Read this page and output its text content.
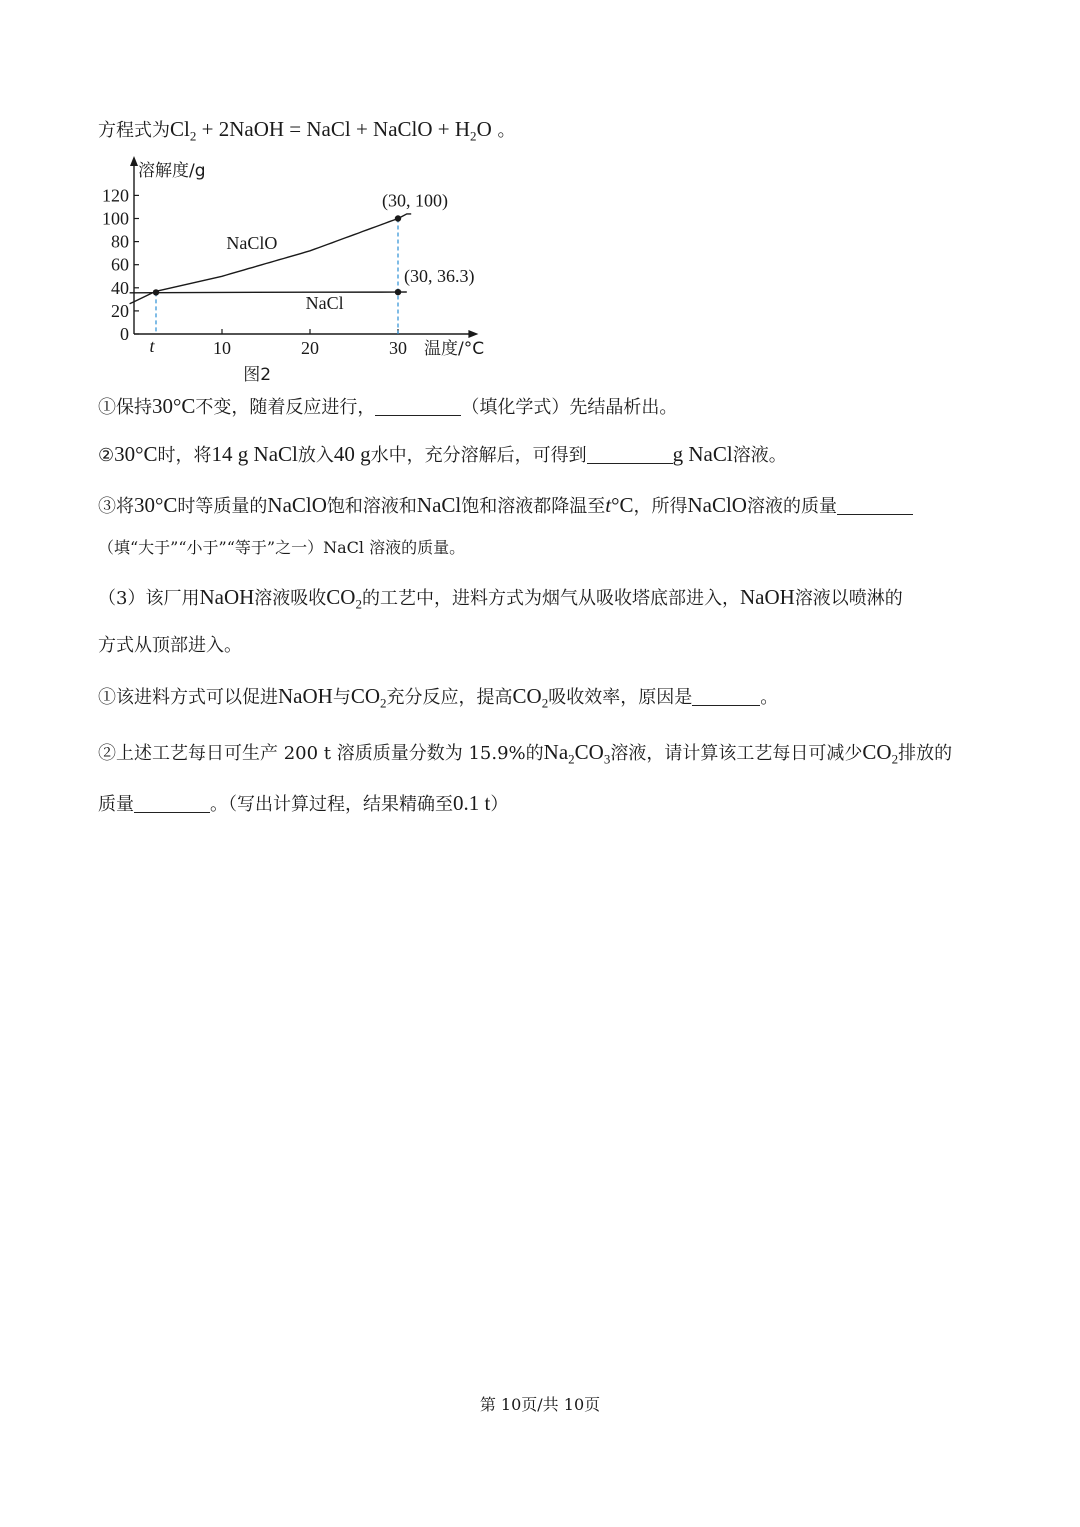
方程式为$Cl_2$ + 2NaOH = NaCl + NaClO + $H_2O$ 。
溶解度/g
温度/°C
0
20
40
60
80
100
120
10	20	30
t
NaClO
NaCl
(30, 100)
(30, 36.3)
图2
①保持30°C不变，随着反应进行，	（填化学式）先结晶析出。
②30°C时，将14 g NaCl放入40 g水中，充分溶解后，可得到	g NaCl溶液。
③将30°C时等质量的NaClO饱和溶液和NaCl饱和溶液都降温至t°C，所得NaClO溶液的质量
（填“大于”“小于”“等于”之一）NaCl 溶液的质量。
（3）该厂用NaOH溶液吸收$CO_2$的工艺中，进料方式为烟气从吸收塔底部进入，NaOH溶液以喷淋的
方式从顶部进入。
①该进料方式可以促进NaOH与$CO_2$充分反应，提高$CO_2$吸收效率，原因是	。
②上述工艺每日可生产 200 t 溶质质量分数为 15.9%的$Na_2CO_3$溶液，请计算该工艺每日可减少$CO_2$排放的
质量	。（写出计算过程，结果精确至0.1 t）
第 10页/共 10页
